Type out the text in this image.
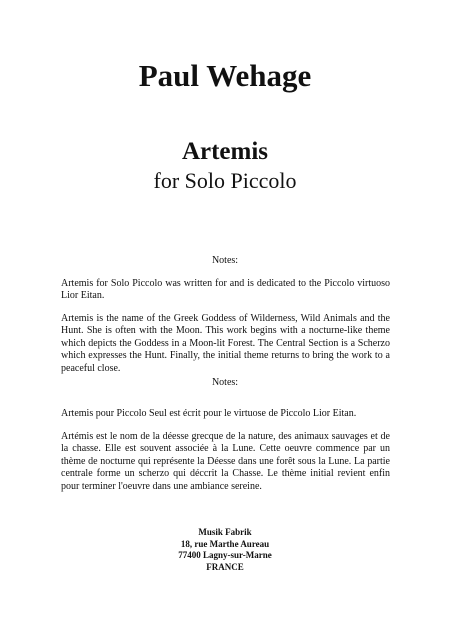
Paul Wehage
Artemis
for Solo Piccolo
Notes:

Artemis for Solo Piccolo was written for and is dedicated to the Piccolo virtuoso Lior Eitan.

Artemis is the name of the Greek Goddess of Wilderness, Wild Animals and the Hunt. She is often with the Moon. This work begins with a nocturne-like theme which depicts the Goddess in a Moon-lit Forest. The Central Section is a Scherzo which expresses the Hunt. Finally, the initial theme returns to bring the work to a peaceful close.

Notes:

Artemis pour Piccolo Seul est écrit pour le virtuose de Piccolo Lior Eitan.

Artémis est le nom de la déesse grecque de la nature, des animaux sauvages et de la chasse. Elle est souvent associée à la Lune. Cette oeuvre commence par un thème de nocturne qui représente la Déesse dans une forêt sous la Lune. La partie centrale forme un scherzo qui déccrit la Chasse. Le thème initial revient enfin pour terminer l'oeuvre dans une ambiance sereine.

Musik Fabrik
18, rue Marthe Aureau
77400 Lagny-sur-Marne
FRANCE
